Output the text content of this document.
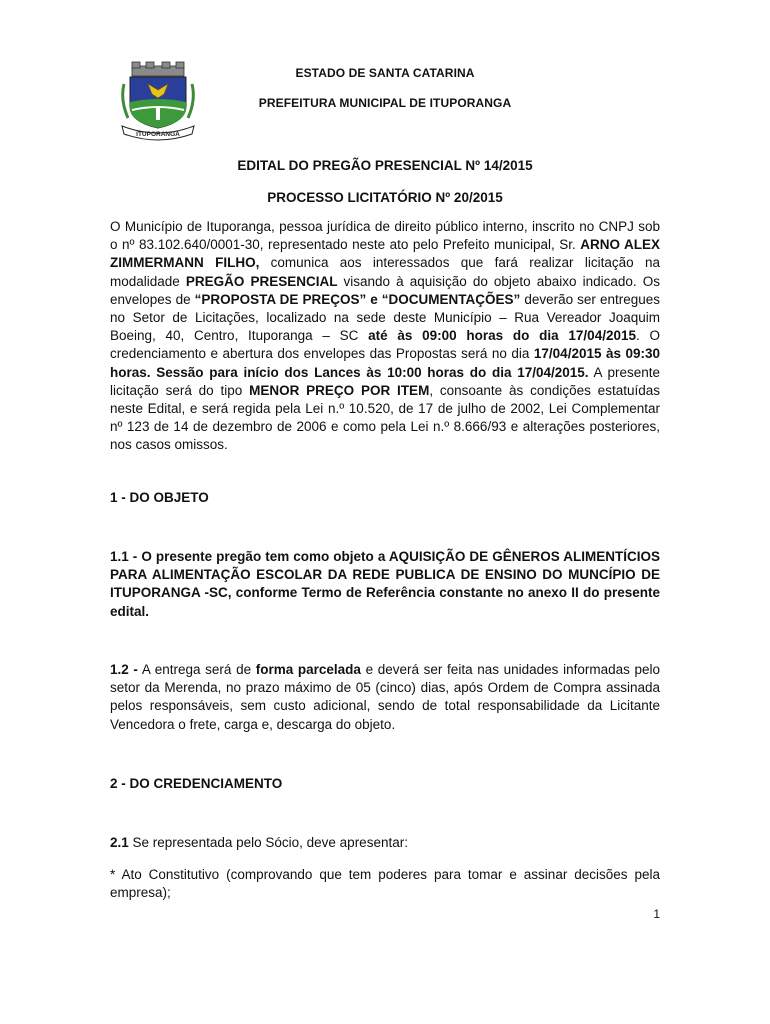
ITUPORANGA
ESTADO DE SANTA CATARINA
PREFEITURA MUNICIPAL DE ITUPORANGA
EDITAL DO PREGÃO PRESENCIAL Nº 14/2015
PROCESSO LICITATÓRIO Nº 20/2015
O Município de Ituporanga, pessoa jurídica de direito público interno, inscrito no CNPJ sob o nº 83.102.640/0001-30, representado neste ato pelo Prefeito municipal, Sr. ARNO ALEX ZIMMERMANN FILHO, comunica aos interessados que fará realizar licitação na modalidade PREGÃO PRESENCIAL visando à aquisição do objeto abaixo indicado. Os envelopes de “PROPOSTA DE PREÇOS” e “DOCUMENTAÇÕES” deverão ser entregues no Setor de Licitações, localizado na sede deste Município – Rua Vereador Joaquim Boeing, 40, Centro, Ituporanga – SC até às 09:00 horas do dia 17/04/2015. O credenciamento e abertura dos envelopes das Propostas será no dia 17/04/2015 às 09:30 horas. Sessão para início dos Lances às 10:00 horas do dia 17/04/2015. A presente licitação será do tipo MENOR PREÇO POR ITEM, consoante às condições estatuídas neste Edital, e será regida pela Lei n.º 10.520, de 17 de julho de 2002, Lei Complementar nº 123 de 14 de dezembro de 2006 e como pela Lei n.º 8.666/93 e alterações posteriores, nos casos omissos.
1 - DO OBJETO
1.1 - O presente pregão tem como objeto a AQUISIÇÃO DE GÊNEROS ALIMENTÍCIOS PARA ALIMENTAÇÃO ESCOLAR DA REDE PUBLICA DE ENSINO DO MUNCÍPIO DE ITUPORANGA -SC, conforme Termo de Referência constante no anexo II do presente edital.
1.2 - A entrega será de forma parcelada e deverá ser feita nas unidades informadas pelo setor da Merenda, no prazo máximo de 05 (cinco) dias, após Ordem de Compra assinada pelos responsáveis, sem custo adicional, sendo de total responsabilidade da Licitante Vencedora o frete, carga e, descarga do objeto.
2 - DO CREDENCIAMENTO
2.1 Se representada pelo Sócio, deve apresentar:
* Ato Constitutivo (comprovando que tem poderes para tomar e assinar decisões pela empresa);
1
